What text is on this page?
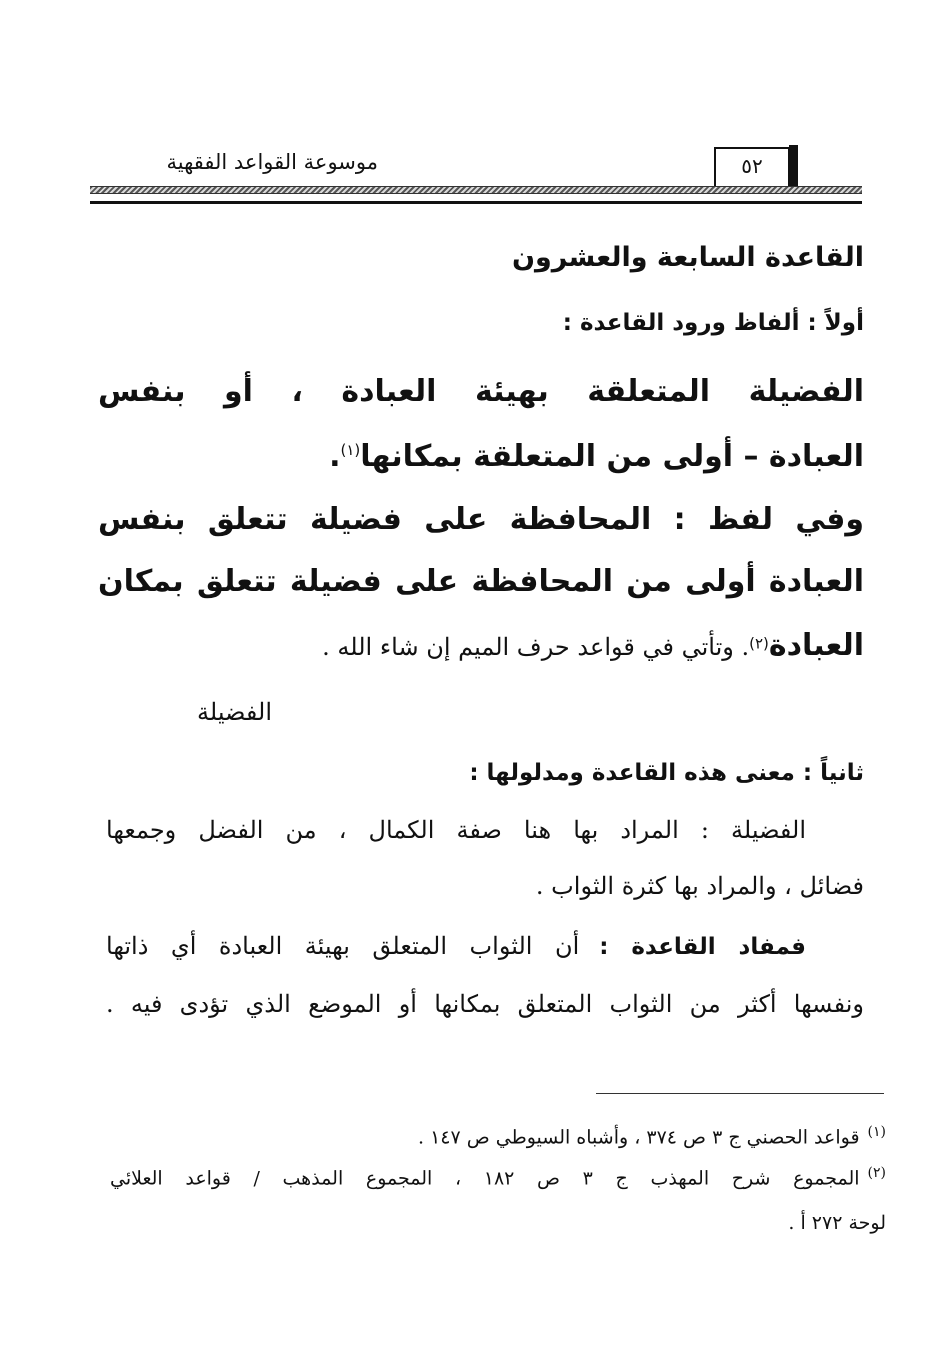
موسوعة القواعد الفقهية	٥٢
القاعدة السابعة والعشرون
أولاً : ألفاظ ورود القاعدة :
الفضيلة المتعلقة بهيئة العبادة ، أو بنفس
العبادة – أولى من المتعلقة بمكانها$^{(١)}$.
وفي لفظ : المحافظة على فضيلة تتعلق بنفس
العبادة أولى من المحافظة على فضيلة تتعلق بمكان
العبادة$^{(٢)}$. وتأتي في قواعد حرف الميم إن شاء الله .
الفضيلة
ثانياً : معنى هذه القاعدة ومدلولها :
الفضيلة : المراد بها هنا صفة الكمال ، من الفضل وجمعها
فضائل ، والمراد بها كثرة الثواب .
فمفاد القاعدة : أن الثواب المتعلق بهيئة العبادة أي ذاتها
ونفسها أكثر من الثواب المتعلق بمكانها أو الموضع الذي تؤدى فيه .
$^{(١)}$قواعد الحصني ج ٣ ص ٣٧٤ ، وأشباه السيوطي ص ١٤٧ .
$^{(٢)}$المجموع شرح المهذب ج ٣ ص ١٨٢ ، المجموع المذهب / قواعد العلائي
لوحة ٢٧٢ أ .
